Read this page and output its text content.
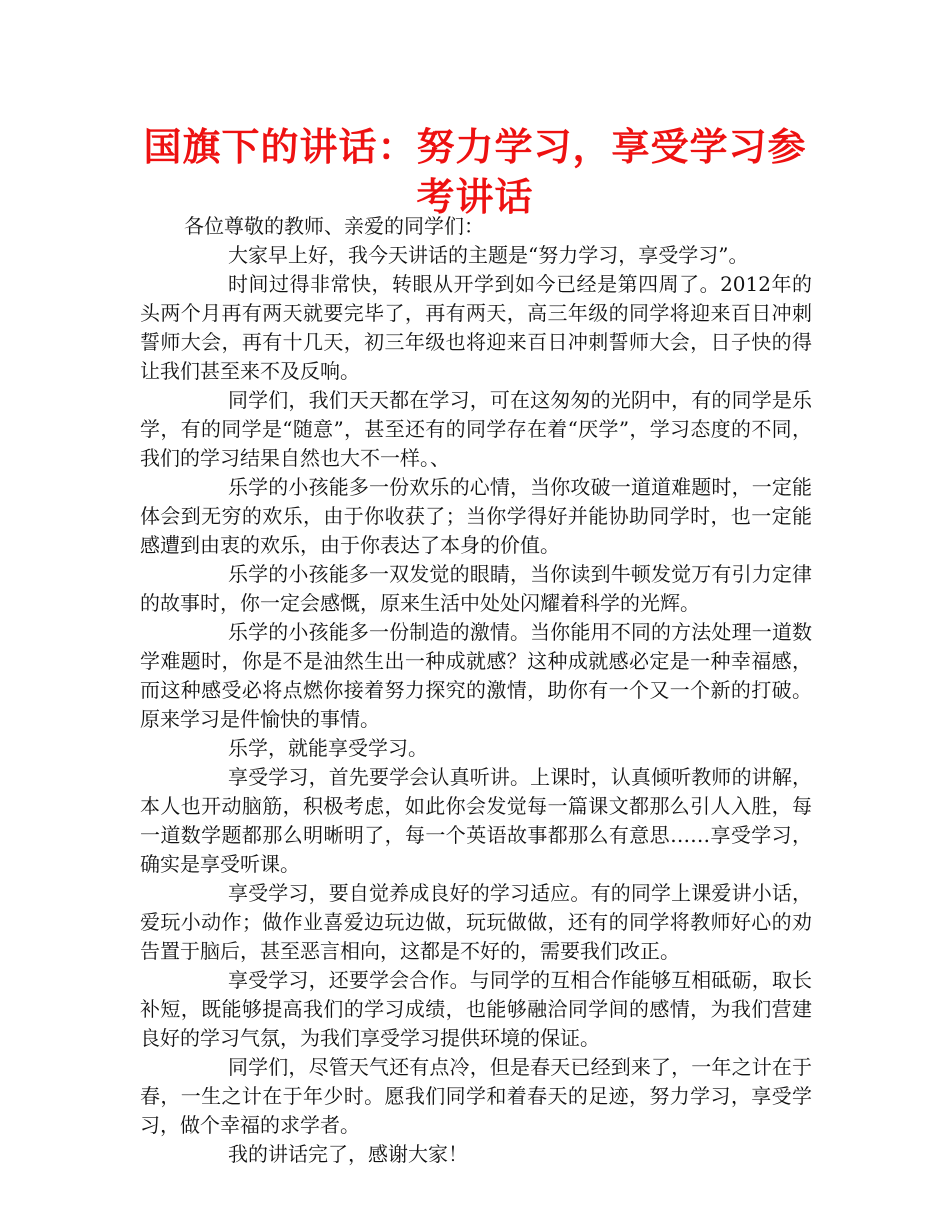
国旗下的讲话：努力学习，享受学习参考讲话

各位尊敬的教师、亲爱的同学们：

大家早上好，我今天讲话的主题是“努力学习，享受学习”。

时间过得非常快，转眼从开学到如今已经是第四周了。2012年的头两个月再有两天就要完毕了，再有两天，高三年级的同学将迎来百日冲刺誓师大会，再有十几天，初三年级也将迎来百日冲刺誓师大会，日子快的得让我们甚至来不及反响。

同学们，我们天天都在学习，可在这匆匆的光阴中，有的同学是乐学，有的同学是“随意”，甚至还有的同学存在着“厌学”，学习态度的不同，我们的学习结果自然也大不一样。、

乐学的小孩能多一份欢乐的心情，当你攻破一道道难题时，一定能体会到无穷的欢乐，由于你收获了；当你学得好并能协助同学时，也一定能感遭到由衷的欢乐，由于你表达了本身的价值。

乐学的小孩能多一双发觉的眼睛，当你读到牛顿发觉万有引力定律的故事时，你一定会感慨，原来生活中处处闪耀着科学的光辉。

乐学的小孩能多一份制造的激情。当你能用不同的方法处理一道数学难题时，你是不是油然生出一种成就感？这种成就感必定是一种幸福感，而这种感受必将点燃你接着努力探究的激情，助你有一个又一个新的打破。原来学习是件愉快的事情。

乐学，就能享受学习。

享受学习，首先要学会认真听讲。上课时，认真倾听教师的讲解，本人也开动脑筋，积极考虑，如此你会发觉每一篇课文都那么引人入胜，每一道数学题都那么明晰明了，每一个英语故事都那么有意思……享受学习，确实是享受听课。

享受学习，要自觉养成良好的学习适应。有的同学上课爱讲小话，爱玩小动作；做作业喜爱边玩边做，玩玩做做，还有的同学将教师好心的劝告置于脑后，甚至恶言相向，这都是不好的，需要我们改正。

享受学习，还要学会合作。与同学的互相合作能够互相砥砺，取长补短，既能够提高我们的学习成绩，也能够融洽同学间的感情，为我们营建良好的学习气氛，为我们享受学习提供环境的保证。

同学们，尽管天气还有点冷，但是春天已经到来了，一年之计在于春，一生之计在于年少时。愿我们同学和着春天的足迹，努力学习，享受学习，做个幸福的求学者。

我的讲话完了，感谢大家！
